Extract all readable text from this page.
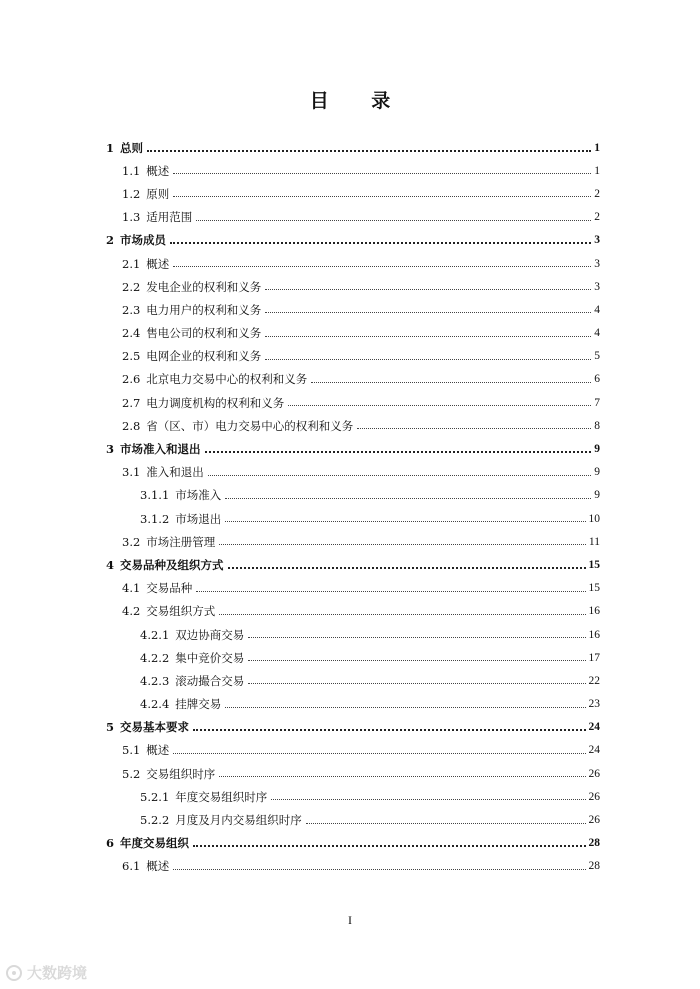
目 录
1 总则	1
1.1 概述	1
1.2 原则	2
1.3 适用范围	2
2 市场成员	3
2.1 概述	3
2.2 发电企业的权利和义务	3
2.3 电力用户的权利和义务	4
2.4 售电公司的权利和义务	4
2.5 电网企业的权利和义务	5
2.6 北京电力交易中心的权利和义务	6
2.7 电力调度机构的权利和义务	7
2.8 省（区、市）电力交易中心的权利和义务	8
3 市场准入和退出	9
3.1 准入和退出	9
3.1.1 市场准入	9
3.1.2 市场退出	10
3.2 市场注册管理	11
4 交易品种及组织方式	15
4.1 交易品种	15
4.2 交易组织方式	16
4.2.1 双边协商交易	16
4.2.2 集中竞价交易	17
4.2.3 滚动撮合交易	22
4.2.4 挂牌交易	23
5 交易基本要求	24
5.1 概述	24
5.2 交易组织时序	26
5.2.1 年度交易组织时序	26
5.2.2 月度及月内交易组织时序	26
6 年度交易组织	28
6.1 概述	28
I
大数跨境
